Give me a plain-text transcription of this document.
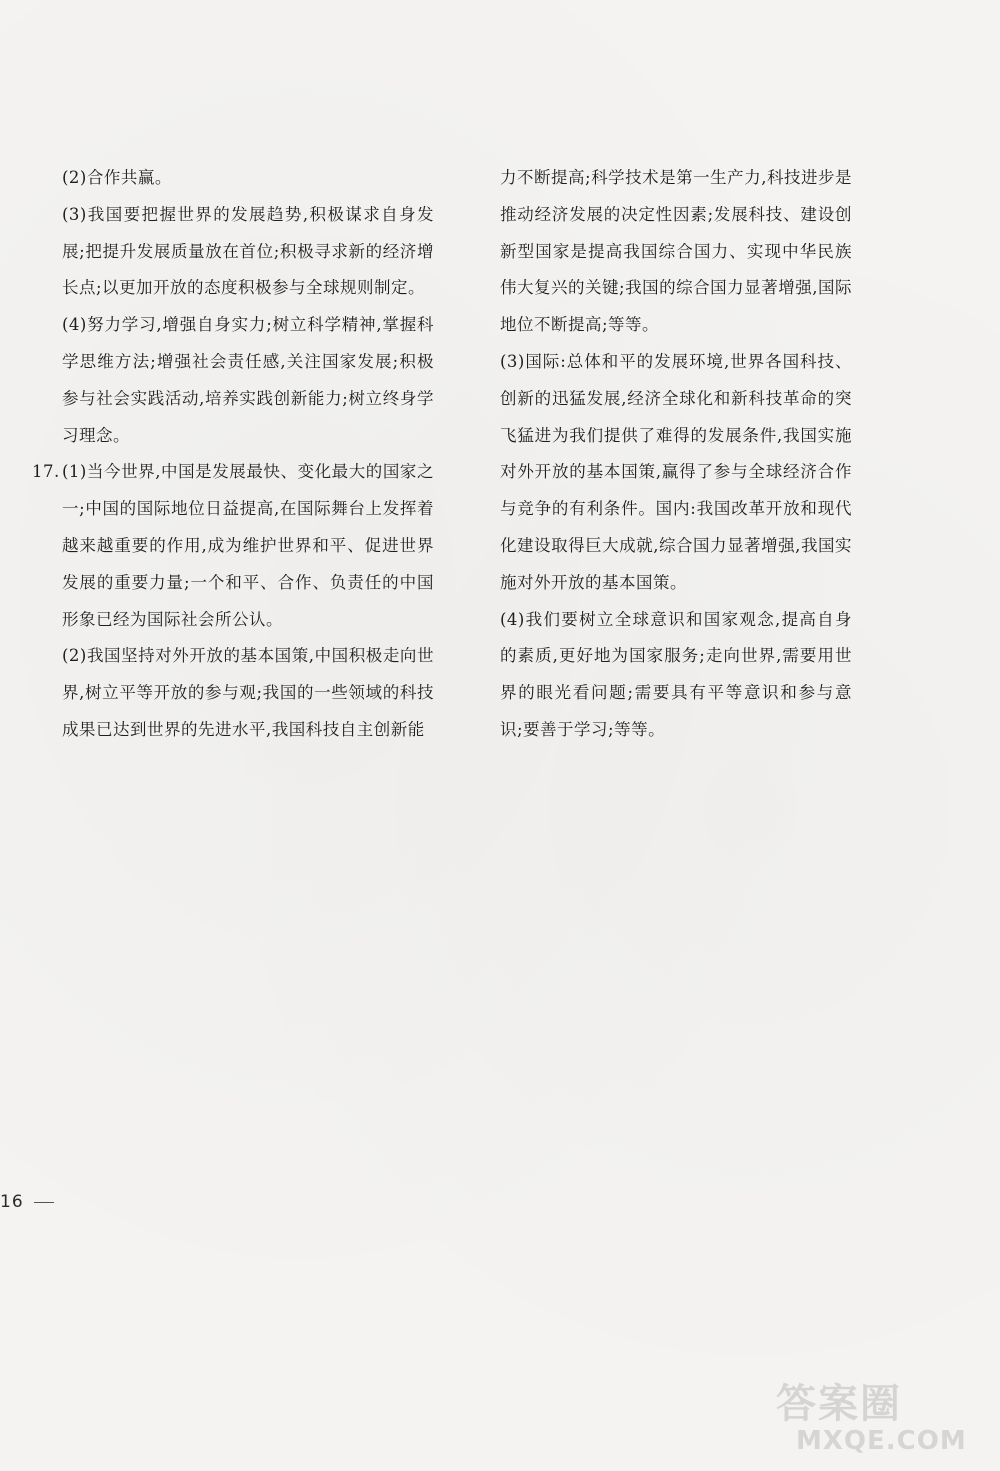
(2)合作共赢。

(3)我国要把握世界的发展趋势,积极谋求自身发展;把提升发展质量放在首位;积极寻求新的经济增长点;以更加开放的态度积极参与全球规则制定。

(4)努力学习,增强自身实力;树立科学精神,掌握科学思维方法;增强社会责任感,关注国家发展;积极参与社会实践活动,培养实践创新能力;树立终身学习理念。

17. (1)当今世界,中国是发展最快、变化最大的国家之一;中国的国际地位日益提高,在国际舞台上发挥着越来越重要的作用,成为维护世界和平、促进世界发展的重要力量;一个和平、合作、负责任的中国形象已经为国际社会所公认。

(2)我国坚持对外开放的基本国策,中国积极走向世界,树立平等开放的参与观;我国的一些领域的科技成果已达到世界的先进水平,我国科技自主创新能

力不断提高;科学技术是第一生产力,科技进步是推动经济发展的决定性因素;发展科技、建设创新型国家是提高我国综合国力、实现中华民族伟大复兴的关键;我国的综合国力显著增强,国际地位不断提高;等等。

(3)国际:总体和平的发展环境,世界各国科技、创新的迅猛发展,经济全球化和新科技革命的突飞猛进为我们提供了难得的发展条件,我国实施对外开放的基本国策,赢得了参与全球经济合作与竞争的有利条件。国内:我国改革开放和现代化建设取得巨大成就,综合国力显著增强,我国实施对外开放的基本国策。

(4)我们要树立全球意识和国家观念,提高自身的素质,更好地为国家服务;走向世界,需要用世界的眼光看问题;需要具有平等意识和参与意识;要善于学习;等等。

16
答案圈
MXQE.COM
